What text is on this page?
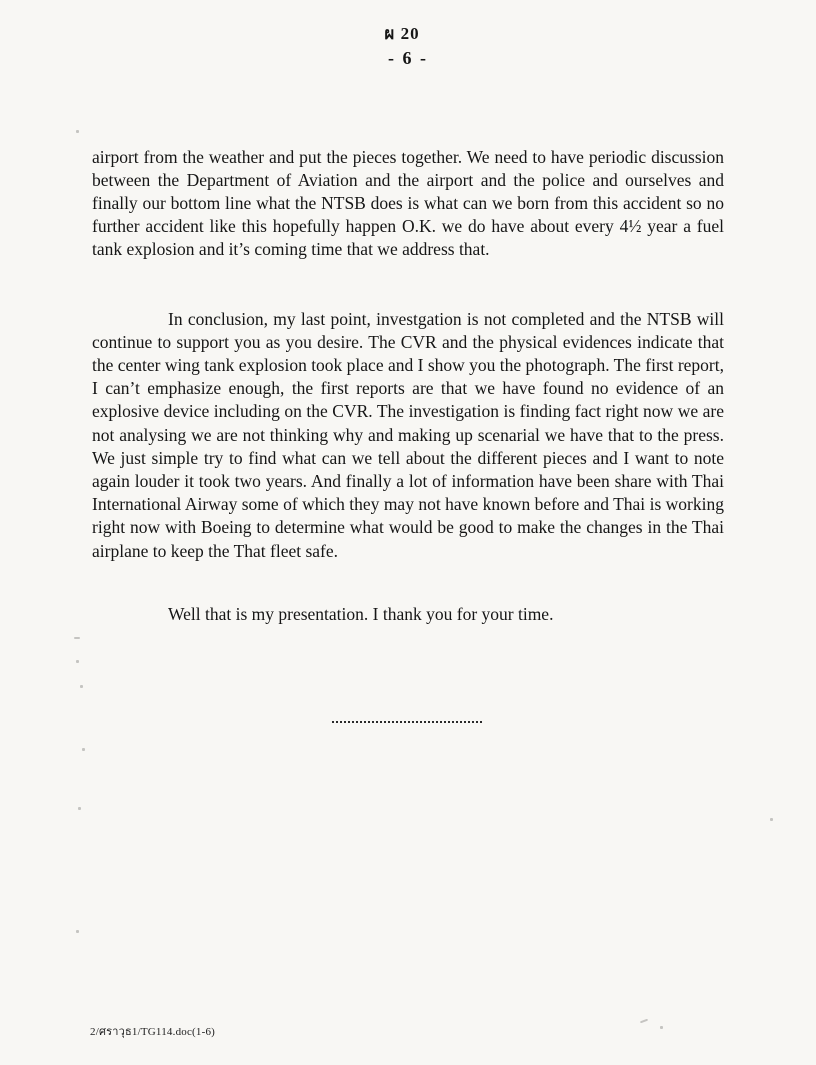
ผ 20
- 6 -

airport from the weather and put the pieces together. We need to have periodic discussion between the Department of Aviation and the airport and the police and ourselves and finally our bottom line what the NTSB does is what can we born from this accident so no further accident like this hopefully happen O.K. we do have about every 4½ year a fuel tank explosion and it’s coming time that we address that.

In conclusion, my last point, investgation is not completed and the NTSB will continue to support you as you desire. The CVR and the physical evidences indicate that the center wing tank explosion took place and I show you the photograph. The first report, I can’t emphasize enough, the first reports are that we have found no evidence of an explosive device including on the CVR. The investigation is finding fact right now we are not analysing we are not thinking why and making up scenarial we have that to the press. We just simple try to find what can we tell about the different pieces and I want to note again louder it took two years. And finally a lot of information have been share with Thai International Airway some of which they may not have known before and Thai is working right now with Boeing to determine what would be good to make the changes in the Thai airplane to keep the That fleet safe.

Well that is my presentation. I thank you for your time.

2/ศราวุธ1/TG114.doc(1-6)
